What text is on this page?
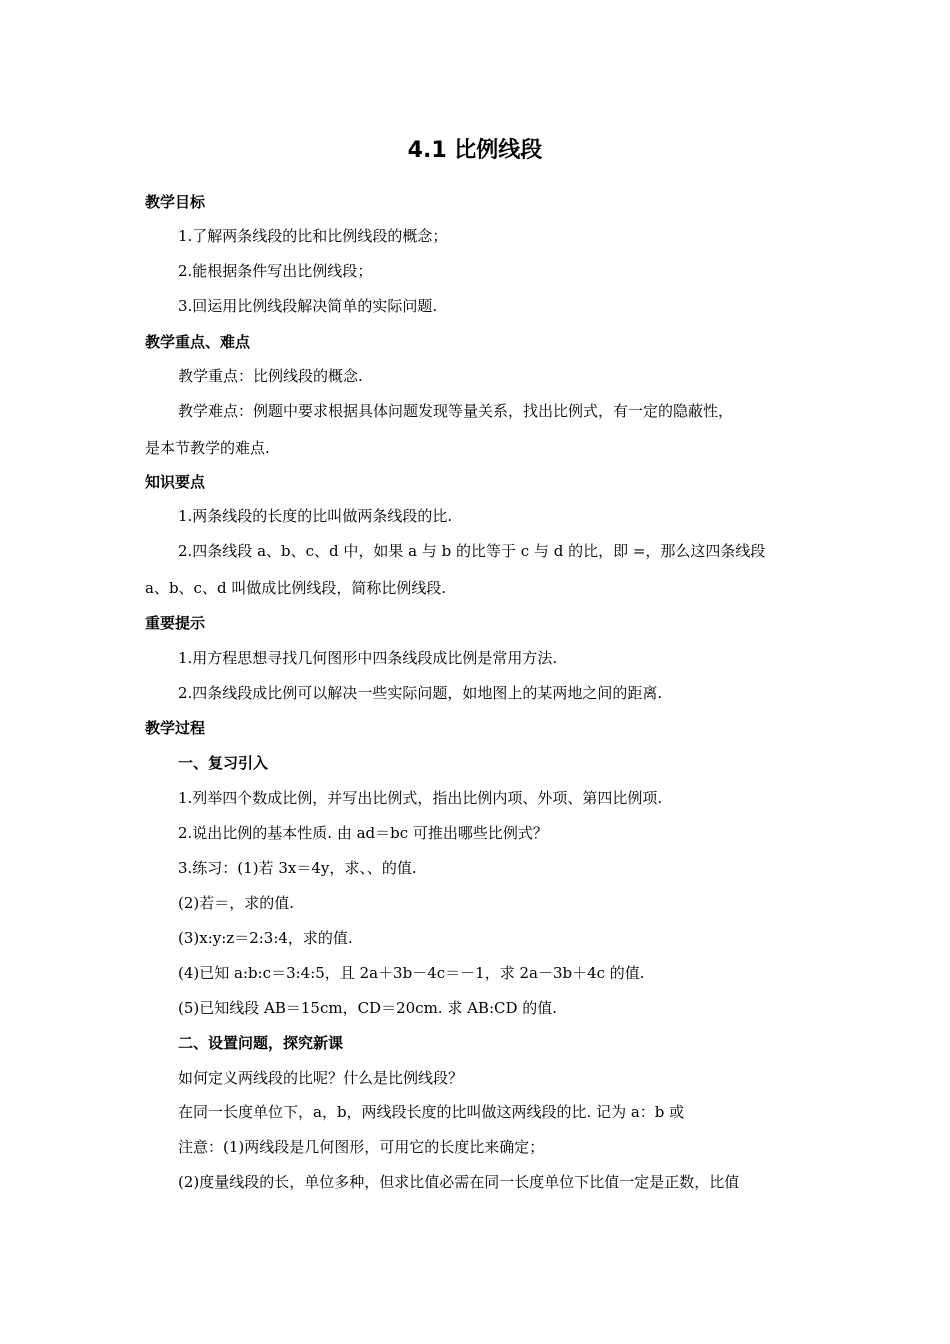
4.1 比例线段
教学目标
1.了解两条线段的比和比例线段的概念；
2.能根据条件写出比例线段；
3.回运用比例线段解决简单的实际问题.
教学重点、难点
教学重点：比例线段的概念.
教学难点：例题中要求根据具体问题发现等量关系，找出比例式，有一定的隐蔽性，
是本节教学的难点.
知识要点
1.两条线段的长度的比叫做两条线段的比.
2.四条线段 a、b、c、d 中，如果 a 与 b 的比等于 c 与 d 的比，即 =，那么这四条线段
a、b、c、d 叫做成比例线段，简称比例线段.
重要提示
1.用方程思想寻找几何图形中四条线段成比例是常用方法.
2.四条线段成比例可以解决一些实际问题，如地图上的某两地之间的距离.
教学过程
一、复习引入
1.列举四个数成比例，并写出比例式，指出比例内项、外项、第四比例项.
2.说出比例的基本性质. 由 ad＝bc 可推出哪些比例式？
3.练习：(1)若 3x＝4y，求、、的值.
(2)若＝，求的值.
(3)x:y:z＝2:3:4，求的值.
(4)已知 a:b:c＝3:4:5，且 2a＋3b－4c＝－1，求 2a－3b＋4c 的值.
(5)已知线段 AB＝15cm，CD＝20cm. 求 AB:CD 的值.
二、设置问题，探究新课
如何定义两线段的比呢？什么是比例线段？
在同一长度单位下，a，b，两线段长度的比叫做这两线段的比. 记为 a：b 或
注意：(1)两线段是几何图形，可用它的长度比来确定；
(2)度量线段的长，单位多种，但求比值必需在同一长度单位下比值一定是正数，比值
